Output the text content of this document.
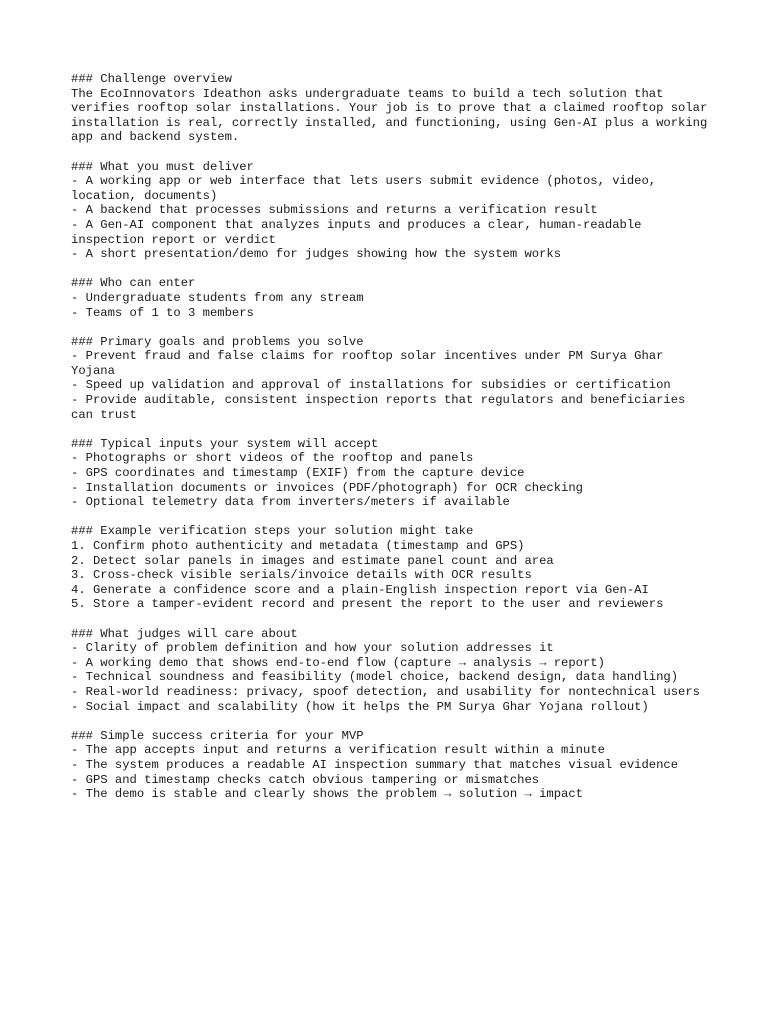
### Challenge overview
The EcoInnovators Ideathon asks undergraduate teams to build a tech solution that verifies rooftop solar installations. Your job is to prove that a claimed rooftop solar installation is real, correctly installed, and functioning, using Gen-AI plus a working app and backend system.
### What you must deliver
- A working app or web interface that lets users submit evidence (photos, video, location, documents)
- A backend that processes submissions and returns a verification result
- A Gen-AI component that analyzes inputs and produces a clear, human-readable inspection report or verdict
- A short presentation/demo for judges showing how the system works
### Who can enter
- Undergraduate students from any stream
- Teams of 1 to 3 members
### Primary goals and problems you solve
- Prevent fraud and false claims for rooftop solar incentives under PM Surya Ghar Yojana
- Speed up validation and approval of installations for subsidies or certification
- Provide auditable, consistent inspection reports that regulators and beneficiaries can trust
### Typical inputs your system will accept
- Photographs or short videos of the rooftop and panels
- GPS coordinates and timestamp (EXIF) from the capture device
- Installation documents or invoices (PDF/photograph) for OCR checking
- Optional telemetry data from inverters/meters if available
### Example verification steps your solution might take
1. Confirm photo authenticity and metadata (timestamp and GPS)
2. Detect solar panels in images and estimate panel count and area
3. Cross-check visible serials/invoice details with OCR results
4. Generate a confidence score and a plain-English inspection report via Gen-AI
5. Store a tamper-evident record and present the report to the user and reviewers
### What judges will care about
- Clarity of problem definition and how your solution addresses it
- A working demo that shows end-to-end flow (capture → analysis → report)
- Technical soundness and feasibility (model choice, backend design, data handling)
- Real-world readiness: privacy, spoof detection, and usability for nontechnical users
- Social impact and scalability (how it helps the PM Surya Ghar Yojana rollout)
### Simple success criteria for your MVP
- The app accepts input and returns a verification result within a minute
- The system produces a readable AI inspection summary that matches visual evidence
- GPS and timestamp checks catch obvious tampering or mismatches
- The demo is stable and clearly shows the problem → solution → impact
